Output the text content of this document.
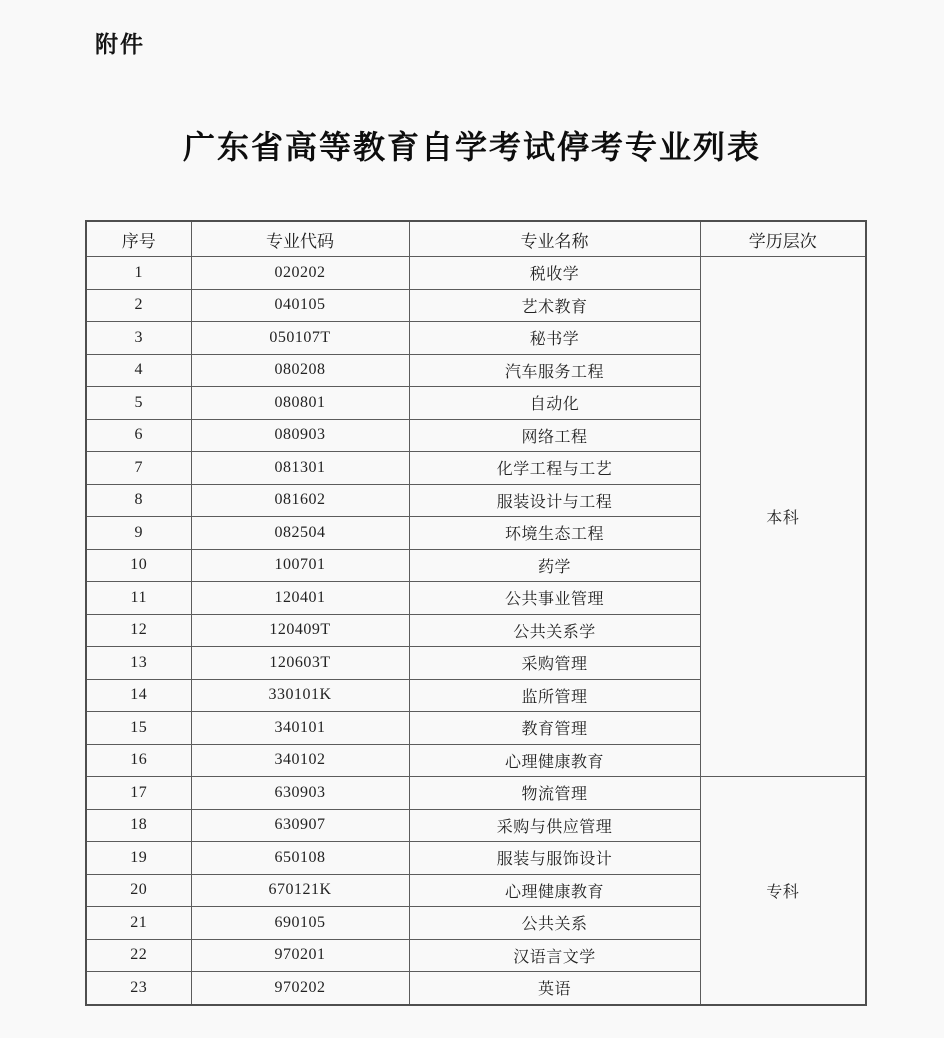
附件
广东省高等教育自学考试停考专业列表
序号	专业代码	专业名称	学历层次
1	020202	税收学	本科
2	040105	艺术教育	
3	050107T	秘书学	
4	080208	汽车服务工程	
5	080801	自动化	
6	080903	网络工程	
7	081301	化学工程与工艺	
8	081602	服装设计与工程	
9	082504	环境生态工程	
10	100701	药学	
11	120401	公共事业管理	
12	120409T	公共关系学	
13	120603T	采购管理	
14	330101K	监所管理	
15	340101	教育管理	
16	340102	心理健康教育	
17	630903	物流管理	专科
18	630907	采购与供应管理	
19	650108	服装与服饰设计	
20	670121K	心理健康教育	
21	690105	公共关系	
22	970201	汉语言文学	
23	970202	英语	
